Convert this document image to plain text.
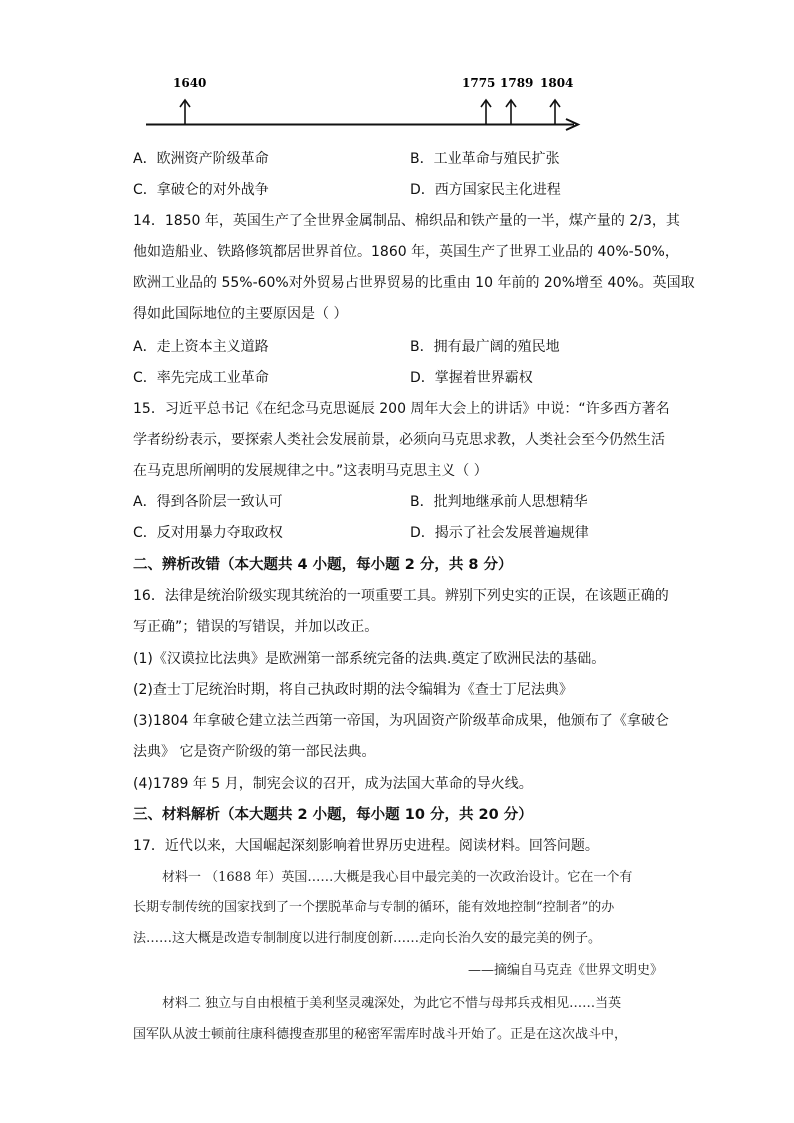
1640	1775 1789 1804
A．欧洲资产阶级革命	B．工业革命与殖民扩张
C．拿破仑的对外战争	D．西方国家民主化进程
14．1850 年，英国生产了全世界金属制品、棉织品和铁产量的一半，煤产量的 2/3，其
他如造船业、铁路修筑都居世界首位。1860 年，英国生产了世界工业品的 40%-50%，
欧洲工业品的 55%-60%对外贸易占世界贸易的比重由 10 年前的 20%增至 40%。英国取
得如此国际地位的主要原因是（ ）
A．走上资本主义道路	B．拥有最广阔的殖民地
C．率先完成工业革命	D．掌握着世界霸权
15．习近平总书记《在纪念马克思诞辰 200 周年大会上的讲话》中说：“许多西方著名
学者纷纷表示，要探索人类社会发展前景，必须向马克思求教，人类社会至今仍然生活
在马克思所阐明的发展规律之中。”这表明马克思主义（ ）
A．得到各阶层一致认可	B．批判地继承前人思想精华
C．反对用暴力夺取政权	D．揭示了社会发展普遍规律
二、辨析改错（本大题共 4 小题，每小题 2 分，共 8 分）
16．法律是统治阶级实现其统治的一项重要工具。辨别下列史实的正误，在该题正确的
写正确”；错误的写错误，并加以改正。
(1)《汉谟拉比法典》是欧洲第一部系统完备的法典.奠定了欧洲民法的基础。
(2)查士丁尼统治时期，将自己执政时期的法令编辑为《查士丁尼法典》
(3)1804 年拿破仑建立法兰西第一帝国，为巩固资产阶级革命成果，他颁布了《拿破仑
法典》 它是资产阶级的第一部民法典。
(4)1789 年 5 月，制宪会议的召开，成为法国大革命的导火线。
三、材料解析（本大题共 2 小题，每小题 10 分，共 20 分）
17．近代以来，大国崛起深刻影响着世界历史进程。阅读材料。回答问题。
材料一 （1688 年）英国……大概是我心目中最完美的一次政治设计。它在一个有
长期专制传统的国家找到了一个摆脱革命与专制的循环，能有效地控制“控制者”的办
法……这大概是改造专制制度以进行制度创新……走向长治久安的最完美的例子。
——摘编自马克垚《世界文明史》
材料二 独立与自由根植于美利坚灵魂深处，为此它不惜与母邦兵戎相见……当英
国军队从波士顿前往康科德搜查那里的秘密军需库时战斗开始了。正是在这次战斗中，
